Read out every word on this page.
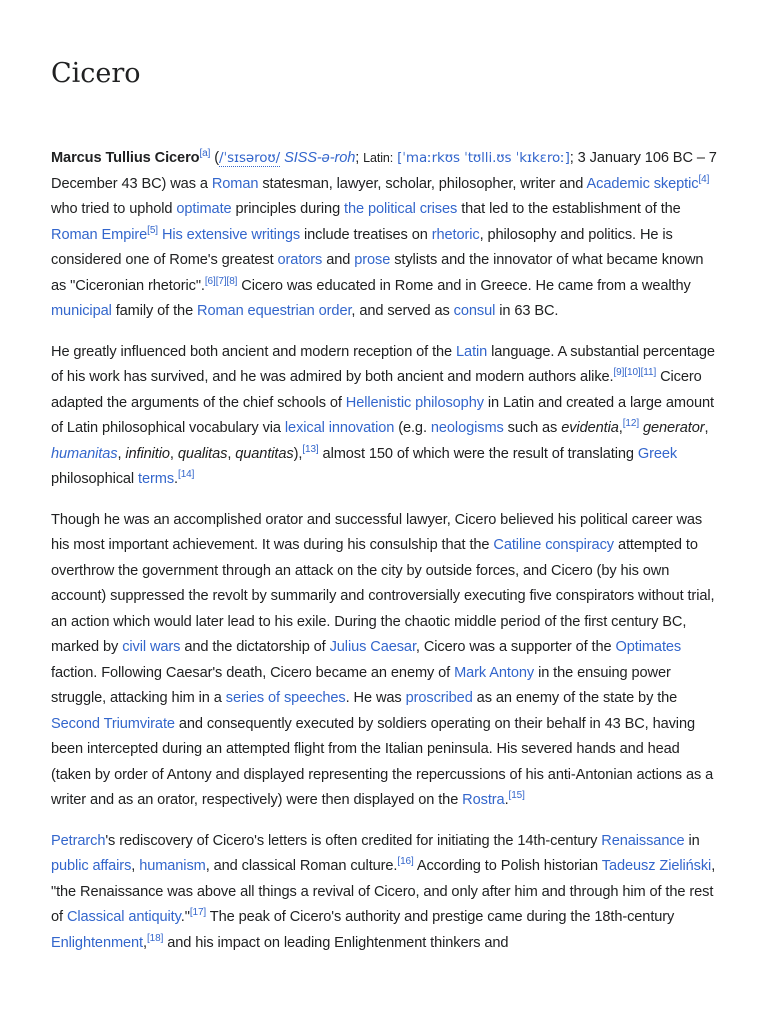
Cicero

Marcus Tullius Cicero[a] (/ˈsɪsəroʊ/ SISS-ə-roh; Latin: [ˈmaːrkʊs ˈtʊlli.ʊs ˈkɪkɛroː]; 3 January 106 BC – 7 December 43 BC) was a Roman statesman, lawyer, scholar, philosopher, writer and Academic skeptic[4] who tried to uphold optimate principles during the political crises that led to the establishment of the Roman Empire[5] His extensive writings include treatises on rhetoric, philosophy and politics. He is considered one of Rome's greatest orators and prose stylists and the innovator of what became known as "Ciceronian rhetoric".[6][7][8] Cicero was educated in Rome and in Greece. He came from a wealthy municipal family of the Roman equestrian order, and served as consul in 63 BC.

He greatly influenced both ancient and modern reception of the Latin language. A substantial percentage of his work has survived, and he was admired by both ancient and modern authors alike.[9][10][11] Cicero adapted the arguments of the chief schools of Hellenistic philosophy in Latin and created a large amount of Latin philosophical vocabulary via lexical innovation (e.g. neologisms such as evidentia,[12] generator, humanitas, infinitio, qualitas, quantitas),[13] almost 150 of which were the result of translating Greek philosophical terms.[14]

Though he was an accomplished orator and successful lawyer, Cicero believed his political career was his most important achievement. It was during his consulship that the Catiline conspiracy attempted to overthrow the government through an attack on the city by outside forces, and Cicero (by his own account) suppressed the revolt by summarily and controversially executing five conspirators without trial, an action which would later lead to his exile. During the chaotic middle period of the first century BC, marked by civil wars and the dictatorship of Julius Caesar, Cicero was a supporter of the Optimates faction. Following Caesar's death, Cicero became an enemy of Mark Antony in the ensuing power struggle, attacking him in a series of speeches. He was proscribed as an enemy of the state by the Second Triumvirate and consequently executed by soldiers operating on their behalf in 43 BC, having been intercepted during an attempted flight from the Italian peninsula. His severed hands and head (taken by order of Antony and displayed representing the repercussions of his anti-Antonian actions as a writer and as an orator, respectively) were then displayed on the Rostra.[15]

Petrarch's rediscovery of Cicero's letters is often credited for initiating the 14th-century Renaissance in public affairs, humanism, and classical Roman culture.[16] According to Polish historian Tadeusz Zieliński, "the Renaissance was above all things a revival of Cicero, and only after him and through him of the rest of Classical antiquity."[17] The peak of Cicero's authority and prestige came during the 18th-century Enlightenment,[18] and his impact on leading Enlightenment thinkers and
